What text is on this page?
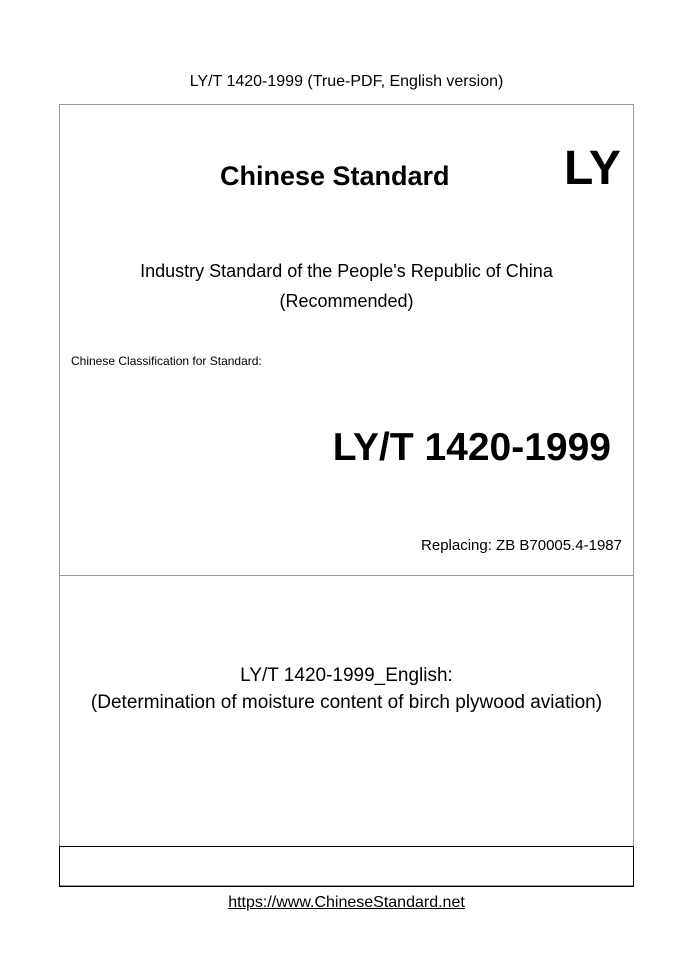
LY/T 1420-1999 (True-PDF, English version)
Chinese Standard LY
Industry Standard of the People's Republic of China
(Recommended)
Chinese Classification for Standard:
LY/T 1420-1999
Replacing: ZB B70005.4-1987
LY/T 1420-1999_English:
(Determination of moisture content of birch plywood aviation)
https://www.ChineseStandard.net
